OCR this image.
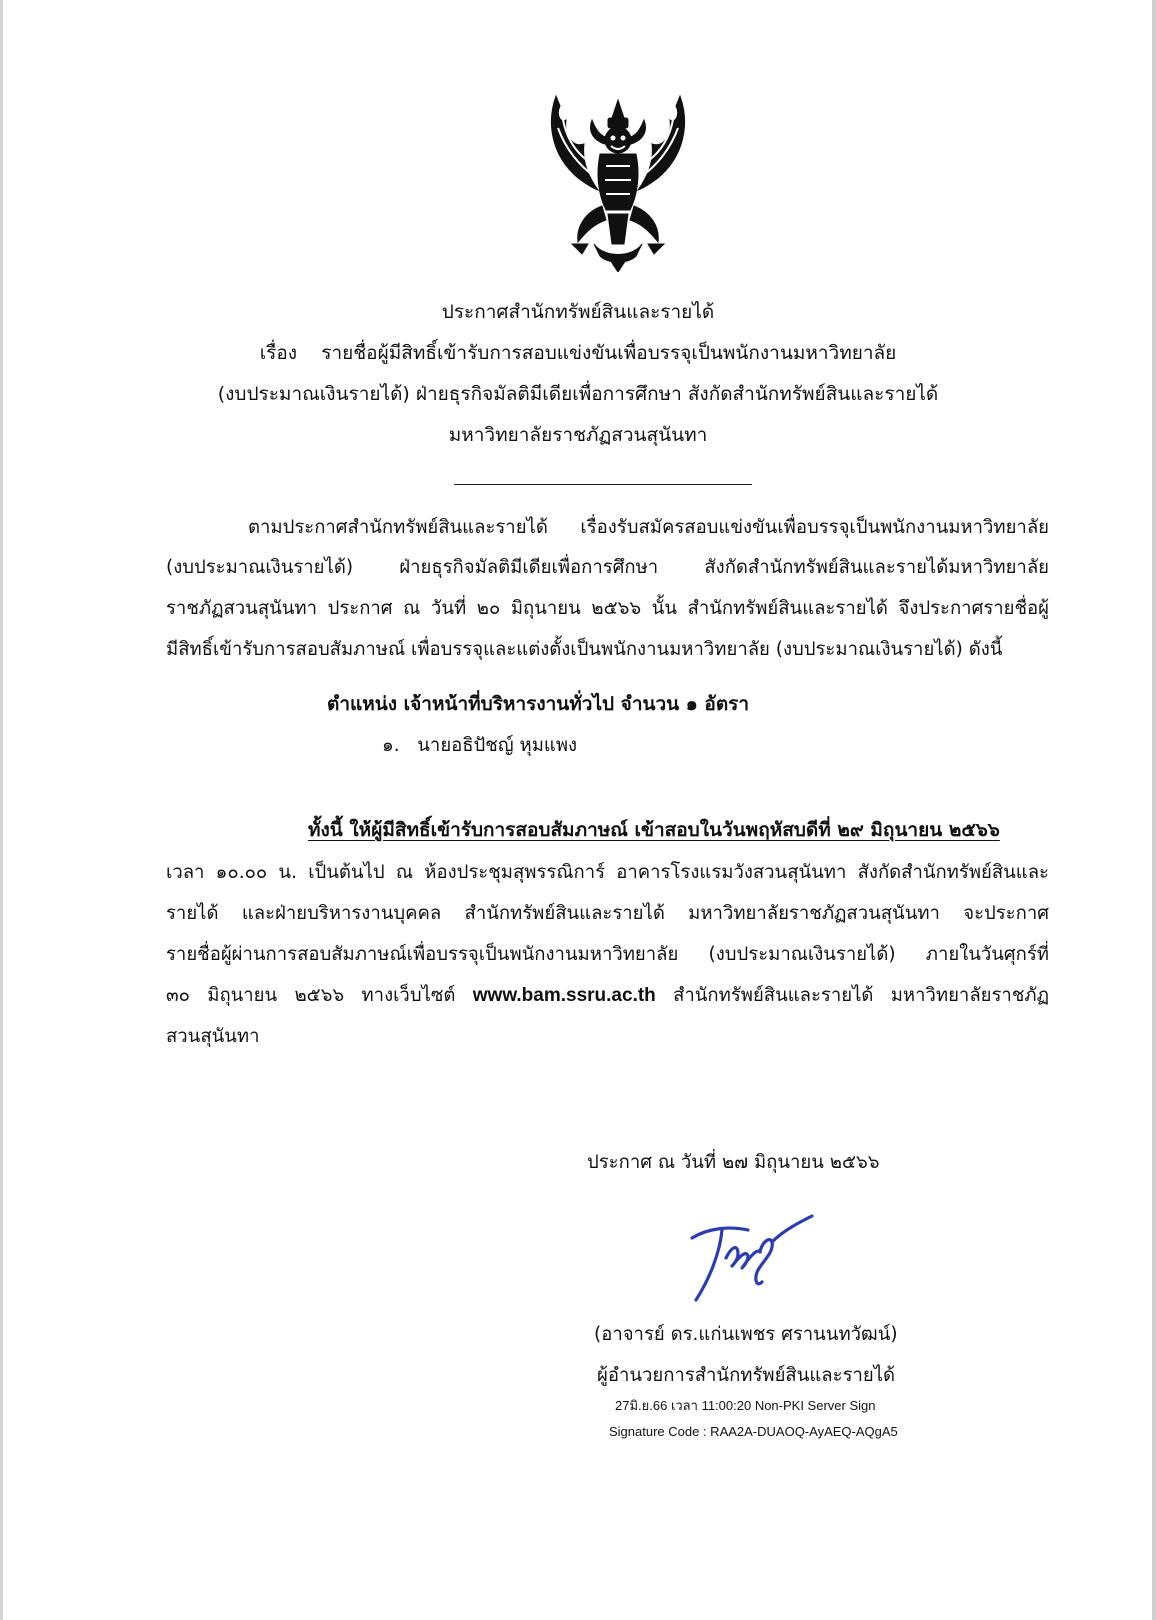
ประกาศสำนักทรัพย์สินและรายได้
เรื่อง รายชื่อผู้มีสิทธิ์เข้ารับการสอบแข่งขันเพื่อบรรจุเป็นพนักงานมหาวิทยาลัย
(งบประมาณเงินรายได้) ฝ่ายธุรกิจมัลติมีเดียเพื่อการศึกษา สังกัดสำนักทรัพย์สินและรายได้
มหาวิทยาลัยราชภัฏสวนสุนันทา
ตามประกาศสำนักทรัพย์สินและรายได้ เรื่องรับสมัครสอบแข่งขันเพื่อบรรจุเป็นพนักงานมหาวิทยาลัย
(งบประมาณเงินรายได้) ฝ่ายธุรกิจมัลติมีเดียเพื่อการศึกษา สังกัดสำนักทรัพย์สินและรายได้มหาวิทยาลัย
ราชภัฏสวนสุนันทา ประกาศ ณ วันที่ ๒๐ มิถุนายน ๒๕๖๖ นั้น สำนักทรัพย์สินและรายได้ จึงประกาศรายชื่อผู้
มีสิทธิ์เข้ารับการสอบสัมภาษณ์ เพื่อบรรจุและแต่งตั้งเป็นพนักงานมหาวิทยาลัย (งบประมาณเงินรายได้) ดังนี้
ตำแหน่ง เจ้าหน้าที่บริหารงานทั่วไป จำนวน ๑ อัตรา
๑. นายอธิปัชญ์ หุมแพง
ทั้งนี้ ให้ผู้มีสิทธิ์เข้ารับการสอบสัมภาษณ์ เข้าสอบในวันพฤหัสบดีที่ ๒๙ มิถุนายน ๒๕๖๖
เวลา ๑๐.๐๐ น. เป็นต้นไป ณ ห้องประชุมสุพรรณิการ์ อาคารโรงแรมวังสวนสุนันทา สังกัดสำนักทรัพย์สินและ
รายได้ และฝ่ายบริหารงานบุคคล สำนักทรัพย์สินและรายได้ มหาวิทยาลัยราชภัฏสวนสุนันทา จะประกาศ
รายชื่อผู้ผ่านการสอบสัมภาษณ์เพื่อบรรจุเป็นพนักงานมหาวิทยาลัย (งบประมาณเงินรายได้) ภายในวันศุกร์ที่
๓๐ มิถุนายน ๒๕๖๖ ทางเว็บไซต์ www.bam.ssru.ac.th สำนักทรัพย์สินและรายได้ มหาวิทยาลัยราชภัฏ
สวนสุนันทา
ประกาศ ณ วันที่ ๒๗ มิถุนายน ๒๕๖๖
(อาจารย์ ดร.แก่นเพชร ศรานนทวัฒน์)
ผู้อำนวยการสำนักทรัพย์สินและรายได้
27มิ.ย.66 เวลา 11:00:20 Non-PKI Server Sign
Signature Code : RAA2A-DUAOQ-AyAEQ-AQgA5
